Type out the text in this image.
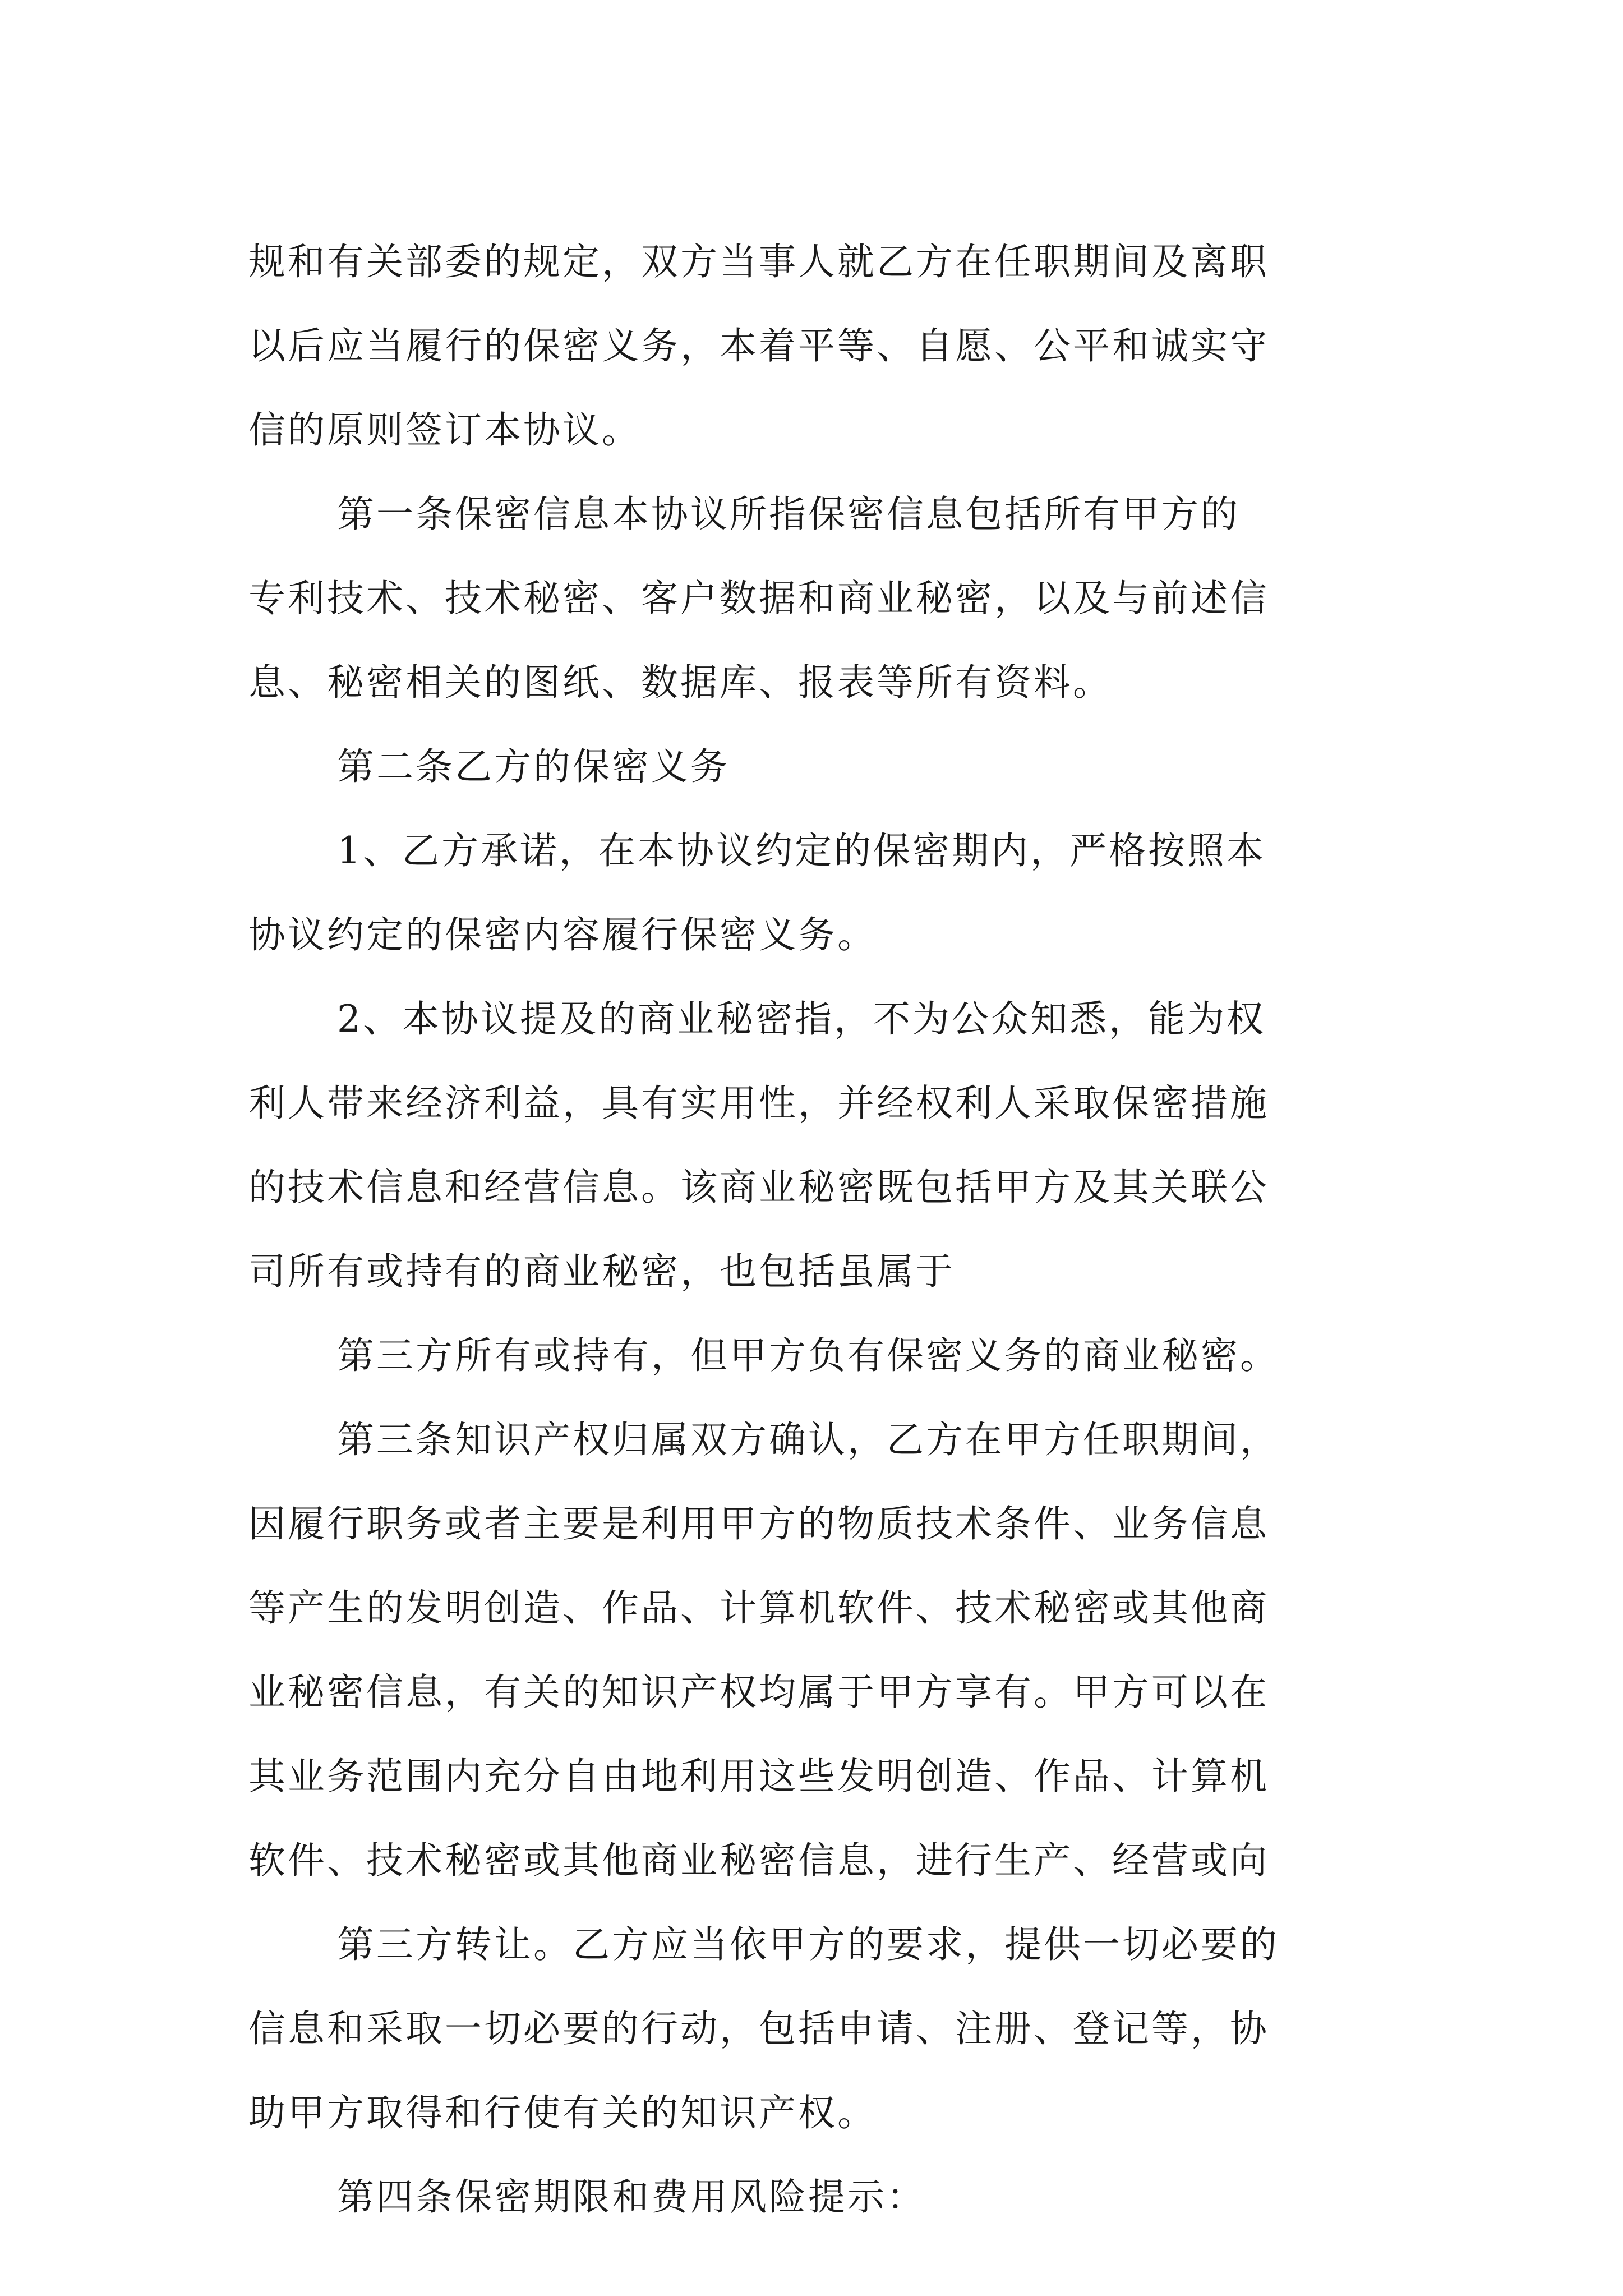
规和有关部委的规定，双方当事人就乙方在任职期间及离职

以后应当履行的保密义务，本着平等、自愿、公平和诚实守

信的原则签订本协议。

第一条保密信息本协议所指保密信息包括所有甲方的

专利技术、技术秘密、客户数据和商业秘密，以及与前述信

息、秘密相关的图纸、数据库、报表等所有资料。

第二条乙方的保密义务

1、乙方承诺，在本协议约定的保密期内，严格按照本

协议约定的保密内容履行保密义务。

2、本协议提及的商业秘密指，不为公众知悉，能为权

利人带来经济利益，具有实用性，并经权利人采取保密措施

的技术信息和经营信息。该商业秘密既包括甲方及其关联公

司所有或持有的商业秘密，也包括虽属于

第三方所有或持有，但甲方负有保密义务的商业秘密。

第三条知识产权归属双方确认，乙方在甲方任职期间，

因履行职务或者主要是利用甲方的物质技术条件、业务信息

等产生的发明创造、作品、计算机软件、技术秘密或其他商

业秘密信息，有关的知识产权均属于甲方享有。甲方可以在

其业务范围内充分自由地利用这些发明创造、作品、计算机

软件、技术秘密或其他商业秘密信息，进行生产、经营或向

第三方转让。乙方应当依甲方的要求，提供一切必要的

信息和采取一切必要的行动，包括申请、注册、登记等，协

助甲方取得和行使有关的知识产权。

第四条保密期限和费用风险提示：
